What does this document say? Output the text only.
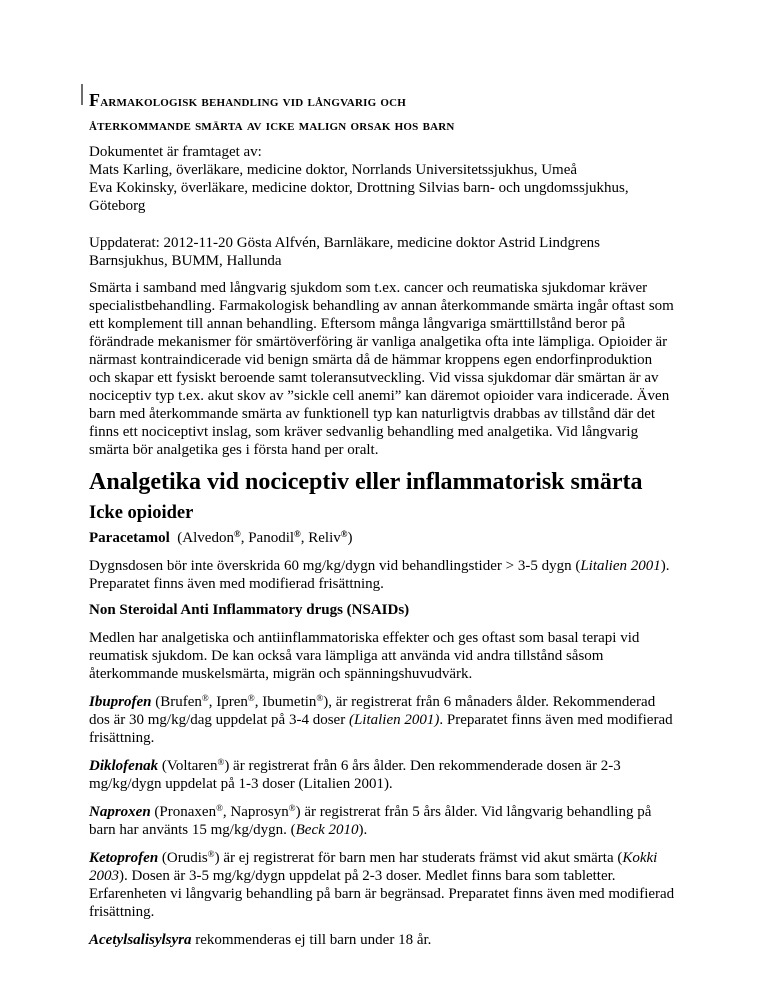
Farmakologisk behandling vid långvarig och
återkommande smärta av icke malign orsak hos barn

Dokumentet är framtaget av:

Mats Karling, överläkare, medicine doktor, Norrlands Universitetssjukhus, Umeå

Eva Kokinsky, överläkare, medicine doktor, Drottning Silvias barn- och ungdomssjukhus,

Göteborg

Uppdaterat: 2012-11-20 Gösta Alfvén, Barnläkare, medicine doktor Astrid Lindgrens

Barnsjukhus, BUMM, Hallunda

Smärta i samband med långvarig sjukdom som t.ex. cancer och reumatiska sjukdomar kräver

specialistbehandling. Farmakologisk behandling av annan återkommande smärta ingår oftast som

ett komplement till annan behandling. Eftersom många långvariga smärttillstånd beror på

förändrade mekanismer för smärtöverföring är vanliga analgetika ofta inte lämpliga. Opioider är

närmast kontraindicerade vid benign smärta då de hämmar kroppens egen endorfinproduktion

och skapar ett fysiskt beroende samt toleransutveckling. Vid vissa sjukdomar där smärtan är av

nociceptiv typ t.ex. akut skov av ”sickle cell anemi” kan däremot opioider vara indicerade. Även

barn med återkommande smärta av funktionell typ kan naturligtvis drabbas av tillstånd där det

finns ett nociceptivt inslag, som kräver sedvanlig behandling med analgetika. Vid långvarig

smärta bör analgetika ges i första hand per oralt.

Analgetika vid nociceptiv eller inflammatorisk smärta
Icke opioider

Paracetamol (Alvedon®, Panodil®, Reliv®)

Dygnsdosen bör inte överskrida 60 mg/kg/dygn vid behandlingstider > 3-5 dygn (Litalien 2001).

Preparatet finns även med modifierad frisättning.

Non Steroidal Anti Inflammatory drugs (NSAIDs)

Medlen har analgetiska och antiinflammatoriska effekter och ges oftast som basal terapi vid

reumatisk sjukdom. De kan också vara lämpliga att använda vid andra tillstånd såsom

återkommande muskelsmärta, migrän och spänningshuvudvärk.

Ibuprofen (Brufen®, Ipren®, Ibumetin®), är registrerat från 6 månaders ålder. Rekommenderad

dos är 30 mg/kg/dag uppdelat på 3-4 doser (Litalien 2001). Preparatet finns även med modifierad

frisättning.

Diklofenak (Voltaren®) är registrerat från 6 års ålder. Den rekommenderade dosen är 2-3

mg/kg/dygn uppdelat på 1-3 doser (Litalien 2001).

Naproxen (Pronaxen®, Naprosyn®) är registrerat från 5 års ålder. Vid långvarig behandling på

barn har använts 15 mg/kg/dygn. (Beck 2010).

Ketoprofen (Orudis®) är ej registrerat för barn men har studerats främst vid akut smärta (Kokki

2003). Dosen är 3-5 mg/kg/dygn uppdelat på 2-3 doser. Medlet finns bara som tabletter.

Erfarenheten vi långvarig behandling på barn är begränsad. Preparatet finns även med modifierad

frisättning.

Acetylsalisylsyra rekommenderas ej till barn under 18 år.
